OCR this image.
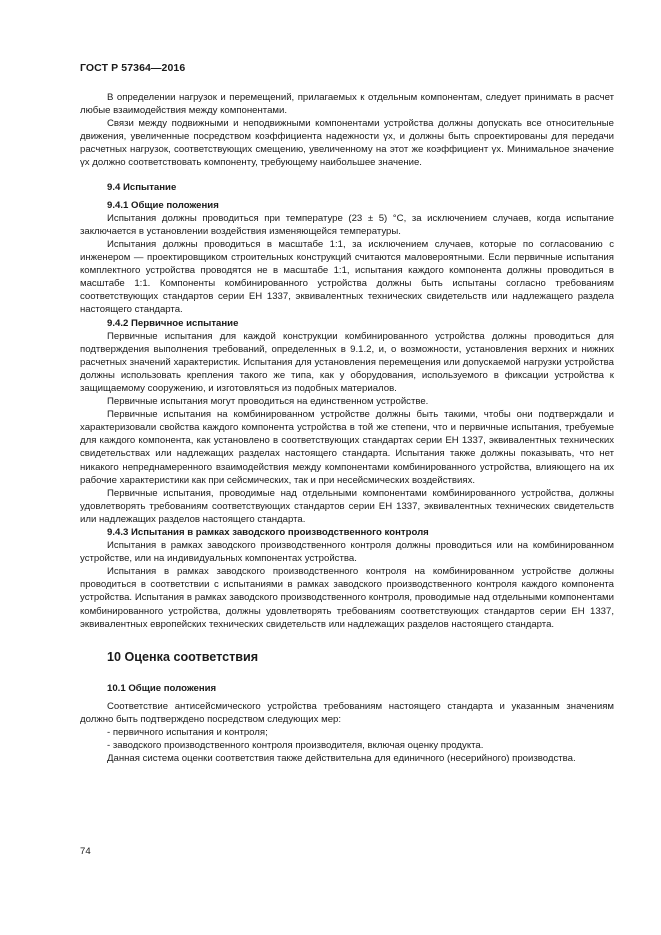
ГОСТ Р 57364—2016

В определении нагрузок и перемещений, прилагаемых к отдельным компонентам, следует принимать в расчет любые взаимодействия между компонентами.

Связи между подвижными и неподвижными компонентами устройства должны допускать все относительные движения, увеличенные посредством коэффициента надежности γx, и должны быть спроектированы для передачи расчетных нагрузок, соответствующих смещению, увеличенному на этот же коэффициент γx. Минимальное значение γx должно соответствовать компоненту, требующему наибольшее значение.

9.4 Испытание
9.4.1 Общие положения

Испытания должны проводиться при температуре (23 ± 5) °С, за исключением случаев, когда испытание заключается в установлении воздействия изменяющейся температуры.

Испытания должны проводиться в масштабе 1:1, за исключением случаев, которые по согласованию с инженером — проектировщиком строительных конструкций считаются маловероятными. Если первичные испытания комплектного устройства проводятся не в масштабе 1:1, испытания каждого компонента должны проводиться в масштабе 1:1. Компоненты комбинированного устройства должны быть испытаны согласно требованиям соответствующих стандартов серии ЕН 1337, эквивалентных технических свидетельств или надлежащего раздела настоящего стандарта.

9.4.2 Первичное испытание

Первичные испытания для каждой конструкции комбинированного устройства должны проводиться для подтверждения выполнения требований, определенных в 9.1.2, и, о возможности, установления верхних и нижних расчетных значений характеристик. Испытания для установления перемещения или допускаемой нагрузки устройства должны использовать крепления такого же типа, как у оборудования, используемого в фиксации устройства к защищаемому сооружению, и изготовляться из подобных материалов.

Первичные испытания могут проводиться на единственном устройстве.

Первичные испытания на комбинированном устройстве должны быть такими, чтобы они подтверждали и характеризовали свойства каждого компонента устройства в той же степени, что и первичные испытания, требуемые для каждого компонента, как установлено в соответствующих стандартах серии ЕН 1337, эквивалентных технических свидетельствах или надлежащих разделах настоящего стандарта. Испытания также должны показывать, что нет никакого непреднамеренного взаимодействия между компонентами комбинированного устройства, влияющего на их рабочие характеристики как при сейсмических, так и при несейсмических воздействиях.

Первичные испытания, проводимые над отдельными компонентами комбинированного устройства, должны удовлетворять требованиям соответствующих стандартов серии ЕН 1337, эквивалентных технических свидетельств или надлежащих разделов настоящего стандарта.

9.4.3 Испытания в рамках заводского производственного контроля

Испытания в рамках заводского производственного контроля должны проводиться или на комбинированном устройстве, или на индивидуальных компонентах устройства.

Испытания в рамках заводского производственного контроля на комбинированном устройстве должны проводиться в соответствии с испытаниями в рамках заводского производственного контроля каждого компонента устройства. Испытания в рамках заводского производственного контроля, проводимые над отдельными компонентами комбинированного устройства, должны удовлетворять требованиям соответствующих стандартов серии ЕН 1337, эквивалентных европейских технических свидетельств или надлежащих разделов настоящего стандарта.

10 Оценка соответствия
10.1 Общие положения

Соответствие антисейсмического устройства требованиям настоящего стандарта и указанным значениям должно быть подтверждено посредством следующих мер:

- первичного испытания и контроля;
- заводского производственного контроля производителя, включая оценку продукта.

Данная система оценки соответствия также действительна для единичного (несерийного) производства.

74
